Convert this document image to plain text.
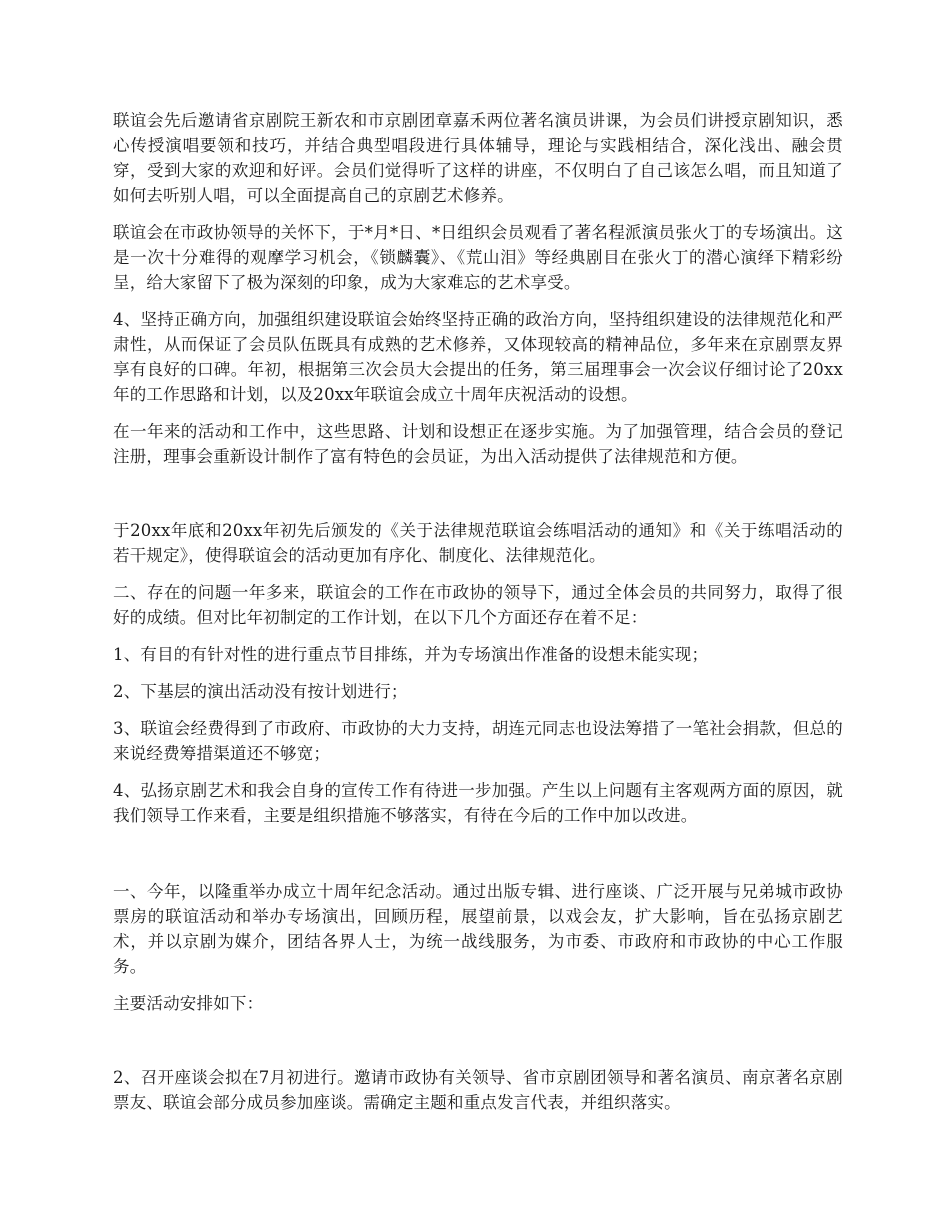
联谊会先后邀请省京剧院王新农和市京剧团章嘉禾两位著名演员讲课，为会员们讲授京剧知识，悉心传授演唱要领和技巧，并结合典型唱段进行具体辅导，理论与实践相结合，深化浅出、融会贯穿，受到大家的欢迎和好评。会员们觉得听了这样的讲座，不仅明白了自己该怎么唱，而且知道了如何去听别人唱，可以全面提高自己的京剧艺术修养。

联谊会在市政协领导的关怀下，于*月*日、*日组织会员观看了著名程派演员张火丁的专场演出。这是一次十分难得的观摩学习机会，《锁麟囊》、《荒山泪》等经典剧目在张火丁的潜心演绎下精彩纷呈，给大家留下了极为深刻的印象，成为大家难忘的艺术享受。

4、坚持正确方向，加强组织建设联谊会始终坚持正确的政治方向，坚持组织建设的法律规范化和严肃性，从而保证了会员队伍既具有成熟的艺术修养，又体现较高的精神品位，多年来在京剧票友界享有良好的口碑。年初，根据第三次会员大会提出的任务，第三届理事会一次会议仔细讨论了20xx年的工作思路和计划，以及20xx年联谊会成立十周年庆祝活动的设想。

在一年来的活动和工作中，这些思路、计划和设想正在逐步实施。为了加强管理，结合会员的登记注册，理事会重新设计制作了富有特色的会员证，为出入活动提供了法律规范和方便。

于20xx年底和20xx年初先后颁发的《关于法律规范联谊会练唱活动的通知》和《关于练唱活动的若干规定》，使得联谊会的活动更加有序化、制度化、法律规范化。

二、存在的问题一年多来，联谊会的工作在市政协的领导下，通过全体会员的共同努力，取得了很好的成绩。但对比年初制定的工作计划，在以下几个方面还存在着不足：

1、有目的有针对性的进行重点节目排练，并为专场演出作准备的设想未能实现；

2、下基层的演出活动没有按计划进行；

3、联谊会经费得到了市政府、市政协的大力支持，胡连元同志也设法筹措了一笔社会捐款，但总的来说经费筹措渠道还不够宽；

4、弘扬京剧艺术和我会自身的宣传工作有待进一步加强。产生以上问题有主客观两方面的原因，就我们领导工作来看，主要是组织措施不够落实，有待在今后的工作中加以改进。

一、今年，以隆重举办成立十周年纪念活动。通过出版专辑、进行座谈、广泛开展与兄弟城市政协票房的联谊活动和举办专场演出，回顾历程，展望前景，以戏会友，扩大影响，旨在弘扬京剧艺术，并以京剧为媒介，团结各界人士，为统一战线服务，为市委、市政府和市政协的中心工作服务。

主要活动安排如下：

2、召开座谈会拟在7月初进行。邀请市政协有关领导、省市京剧团领导和著名演员、南京著名京剧票友、联谊会部分成员参加座谈。需确定主题和重点发言代表，并组织落实。
